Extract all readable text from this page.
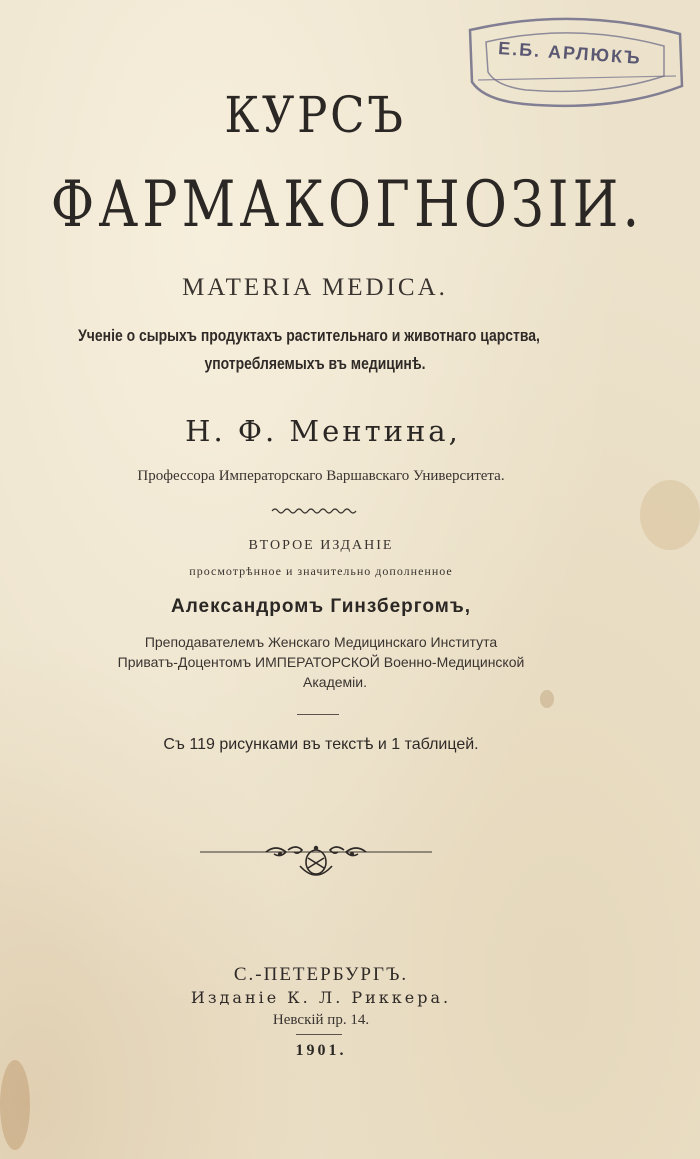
Е.Б. АРЛЮКЪ

КУРСЪ

ФАРМАКОГНОЗІИ.

MATERIA MEDICA.

Ученіе о сырыхъ продуктахъ растительнаго и животнаго царства,

употребляемыхъ въ медицинѣ.

Н. Ф. Ментина,

Профессора Императорскаго Варшавскаго Университета.

ВТОРОЕ ИЗДАНІЕ

просмотрѣнное и значительно дополненное

Александромъ Гинзбергомъ,

Преподавателемъ Женскаго Медицинскаго Института

Приватъ-Доцентомъ ИМПЕРАТОРСКОЙ Военно-Медицинской

Академіи.

Съ 119 рисунками въ текстѣ и 1 таблицей.

С.-ПЕТЕРБУРГЪ.

Изданіе К. Л. Риккера.

Невскій пр. 14.

1901.
